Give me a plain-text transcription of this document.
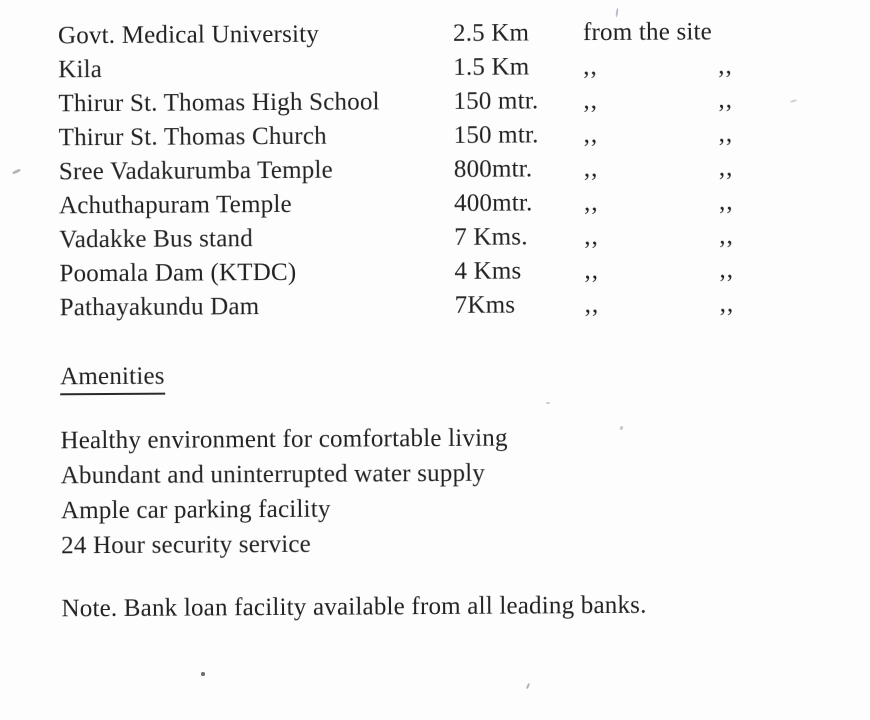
Govt. Medical University	2.5 Km	from the site
Kila	1.5 Km	,,	,,
Thirur St. Thomas High School	150 mtr.	,,	,,
Thirur St. Thomas Church	150 mtr.	,,	,,
Sree Vadakurumba Temple	800mtr.	,,	,,
Achuthapuram Temple	400mtr.	,,	,,
Vadakke Bus stand	7 Kms.	,,	,,
Poomala Dam (KTDC)	4 Kms	,,	,,
Pathayakundu Dam	7Kms	,,	,,
Amenities
Healthy environment for comfortable living
Abundant and uninterrupted water supply
Ample car parking facility
24 Hour security service
Note. Bank loan facility available from all leading banks.
